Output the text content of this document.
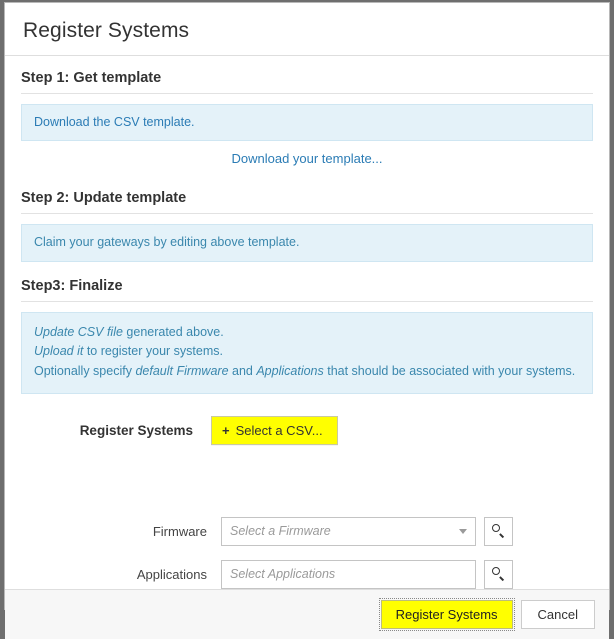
Register Systems
Step 1: Get template
Download the CSV template.
Download your template...
Step 2: Update template
Claim your gateways by editing above template.
Step3: Finalize
Update CSV file generated above.
Upload it to register your systems.
Optionally specify default Firmware and Applications that should be associated with your systems.
Register Systems	+ Select a CSV...
Firmware	Select a Firmware
Applications	Select Applications
Register Systems	Cancel
